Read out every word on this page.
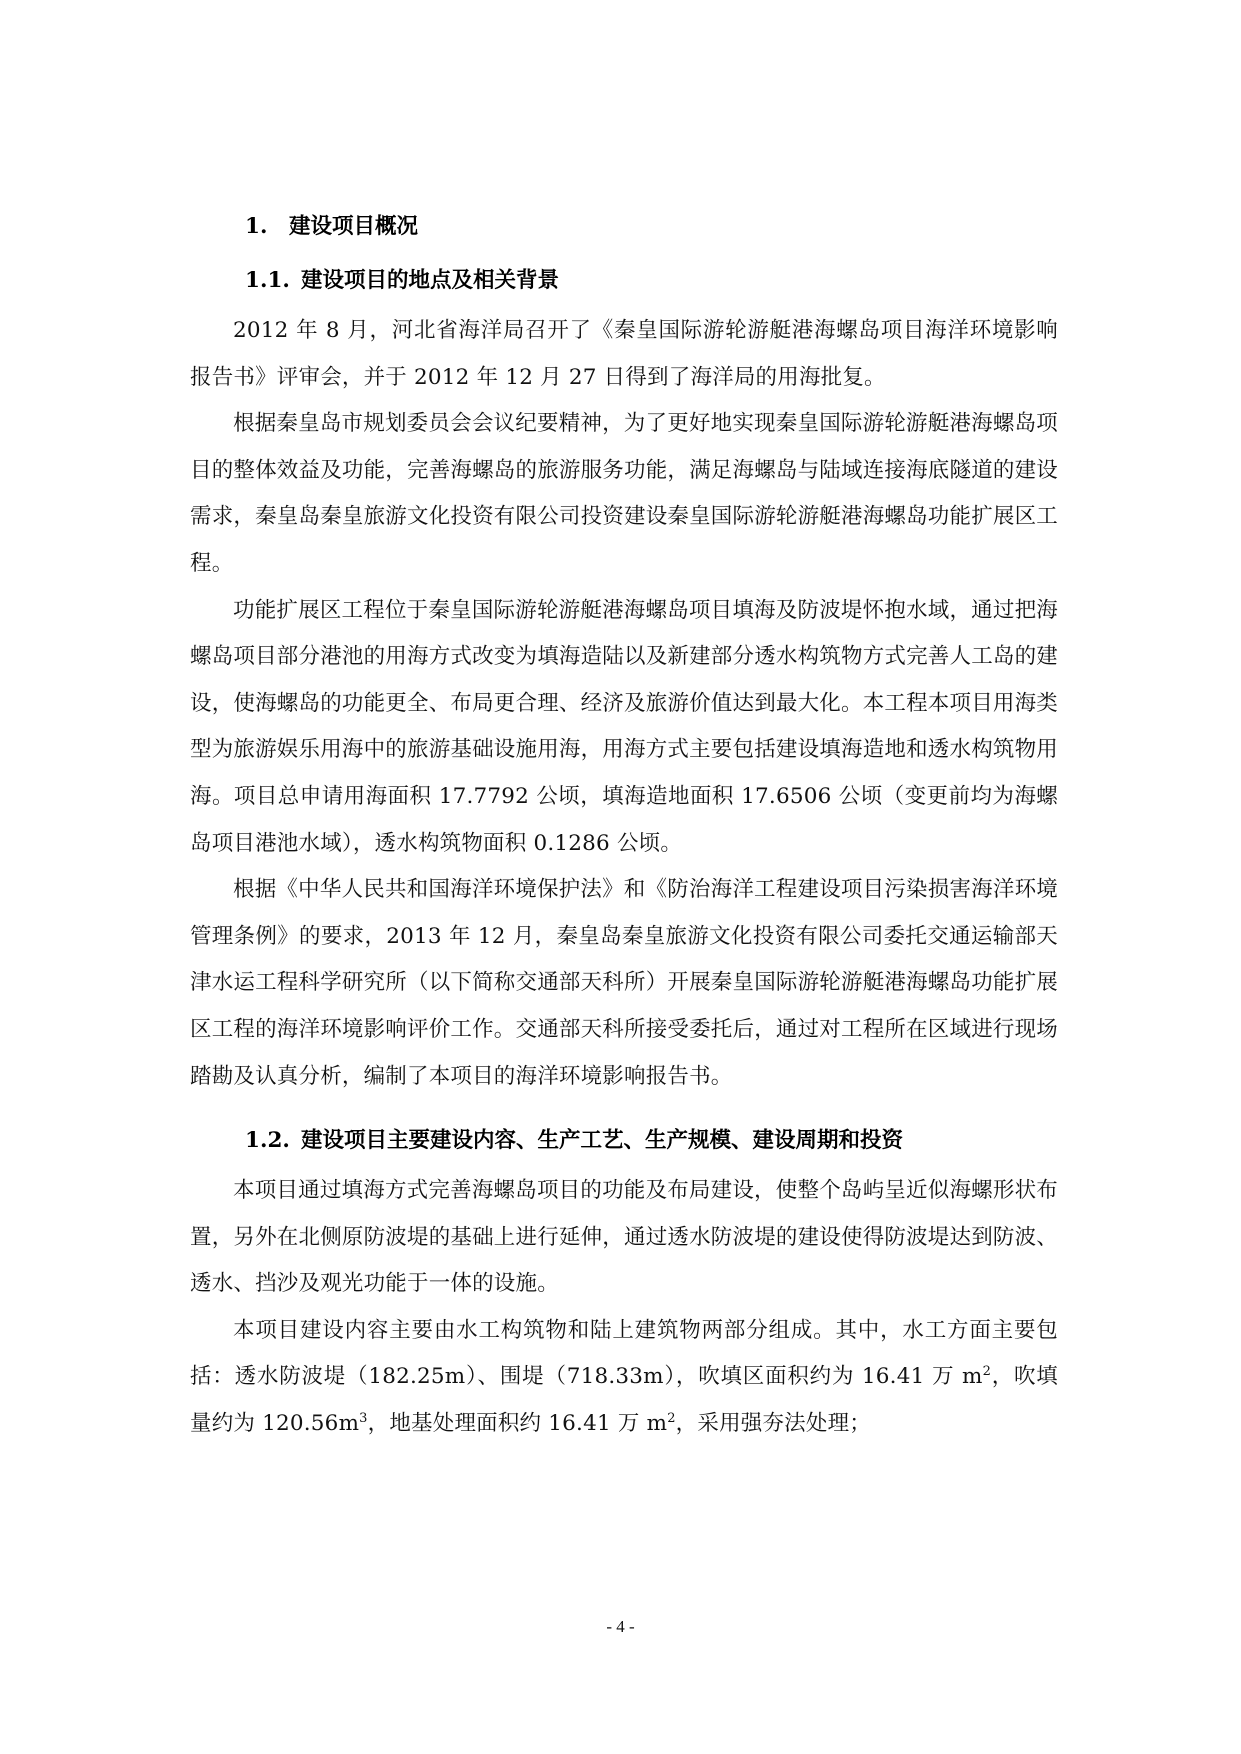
1. 建设项目概况
1.1. 建设项目的地点及相关背景

2012 年 8 月，河北省海洋局召开了《秦皇国际游轮游艇港海螺岛项目海洋环境影响报告书》评审会，并于 2012 年 12 月 27 日得到了海洋局的用海批复。

根据秦皇岛市规划委员会会议纪要精神，为了更好地实现秦皇国际游轮游艇港海螺岛项目的整体效益及功能，完善海螺岛的旅游服务功能，满足海螺岛与陆域连接海底隧道的建设需求，秦皇岛秦皇旅游文化投资有限公司投资建设秦皇国际游轮游艇港海螺岛功能扩展区工程。

功能扩展区工程位于秦皇国际游轮游艇港海螺岛项目填海及防波堤怀抱水域，通过把海螺岛项目部分港池的用海方式改变为填海造陆以及新建部分透水构筑物方式完善人工岛的建设，使海螺岛的功能更全、布局更合理、经济及旅游价值达到最大化。本工程本项目用海类型为旅游娱乐用海中的旅游基础设施用海，用海方式主要包括建设填海造地和透水构筑物用海。项目总申请用海面积 17.7792 公顷，填海造地面积 17.6506 公顷（变更前均为海螺岛项目港池水域），透水构筑物面积 0.1286 公顷。

根据《中华人民共和国海洋环境保护法》和《防治海洋工程建设项目污染损害海洋环境管理条例》的要求，2013 年 12 月，秦皇岛秦皇旅游文化投资有限公司委托交通运输部天津水运工程科学研究所（以下简称交通部天科所）开展秦皇国际游轮游艇港海螺岛功能扩展区工程的海洋环境影响评价工作。交通部天科所接受委托后，通过对工程所在区域进行现场踏勘及认真分析，编制了本项目的海洋环境影响报告书。

1.2. 建设项目主要建设内容、生产工艺、生产规模、建设周期和投资

本项目通过填海方式完善海螺岛项目的功能及布局建设，使整个岛屿呈近似海螺形状布置，另外在北侧原防波堤的基础上进行延伸，通过透水防波堤的建设使得防波堤达到防波、透水、挡沙及观光功能于一体的设施。

本项目建设内容主要由水工构筑物和陆上建筑物两部分组成。其中，水工方面主要包括：透水防波堤（182.25m）、围堤（718.33m），吹填区面积约为 16.41 万 $m^2$，吹填量约为 $120.56m^3$，地基处理面积约 16.41 万 $m^2$，采用强夯法处理；

- 4 -
